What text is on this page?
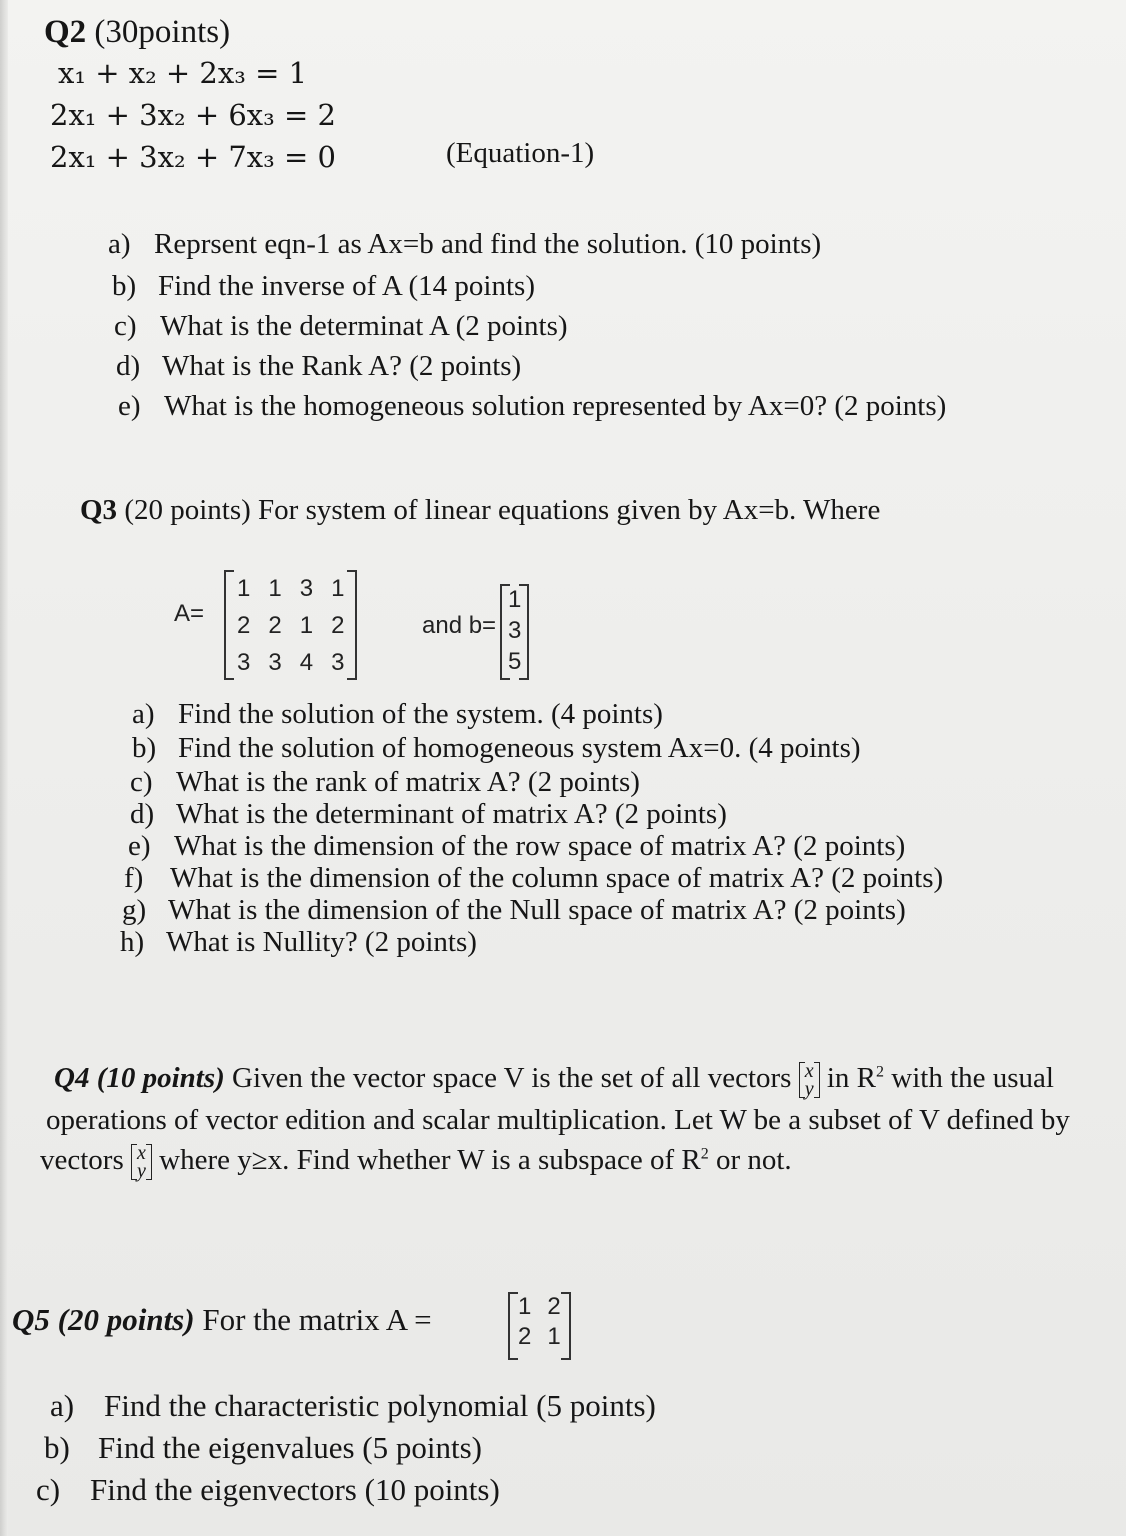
Q2 (30points)
x₁ + x₂ + 2x₃ = 1
2x₁ + 3x₂ + 6x₃ = 2
2x₁ + 3x₂ + 7x₃ = 0	(Equation-1)
a) Reprsent eqn-1 as Ax=b and find the solution. (10 points)
b) Find the inverse of A (14 points)
c) What is the determinat A (2 points)
d) What is the Rank A? (2 points)
e) What is the homogeneous solution represented by Ax=0? (2 points)
Q3 (20 points) For system of linear equations given by Ax=b. Where
A=
1	1	3	1
2	2	1	2
3	3	4	3
and b=
1
3
5
a) Find the solution of the system. (4 points)
b) Find the solution of homogeneous system Ax=0. (4 points)
c) What is the rank of matrix A? (2 points)
d) What is the determinant of matrix A? (2 points)
e) What is the dimension of the row space of matrix A? (2 points)
f) What is the dimension of the column space of matrix A? (2 points)
g) What is the dimension of the Null space of matrix A? (2 points)
h) What is Nullity? (2 points)
Q4 (10 points) Given the vector space V is the set of all vectors x
y in $R^2$ with the usual
operations of vector edition and scalar multiplication. Let W be a subset of V defined by
vectors x
y where y≥x. Find whether W is a subspace of $R^2$ or not.
Q5 (20 points) For the matrix A =	1	2
2	1
a) Find the characteristic polynomial (5 points)
b) Find the eigenvalues (5 points)
c) Find the eigenvectors (10 points)
